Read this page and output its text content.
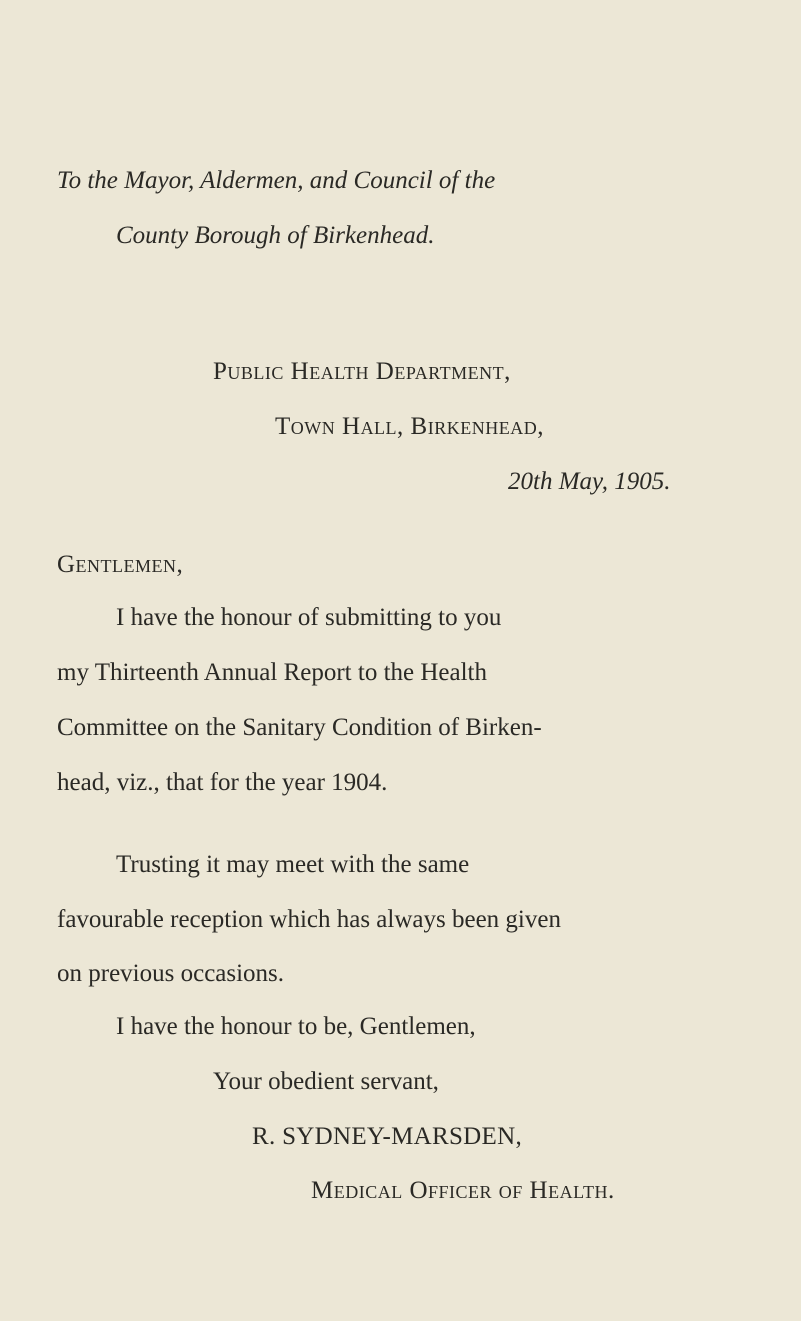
To the Mayor, Aldermen, and Council of the
County Borough of Birkenhead.
Public Health Department,
Town Hall, Birkenhead,
20th May, 1905.
Gentlemen,
I have the honour of submitting to you
my Thirteenth Annual Report to the Health
Committee on the Sanitary Condition of Birken-
head, viz., that for the year 1904.
Trusting it may meet with the same
favourable reception which has always been given
on previous occasions.
I have the honour to be, Gentlemen,
Your obedient servant,
R. SYDNEY-MARSDEN,
Medical Officer of Health.
